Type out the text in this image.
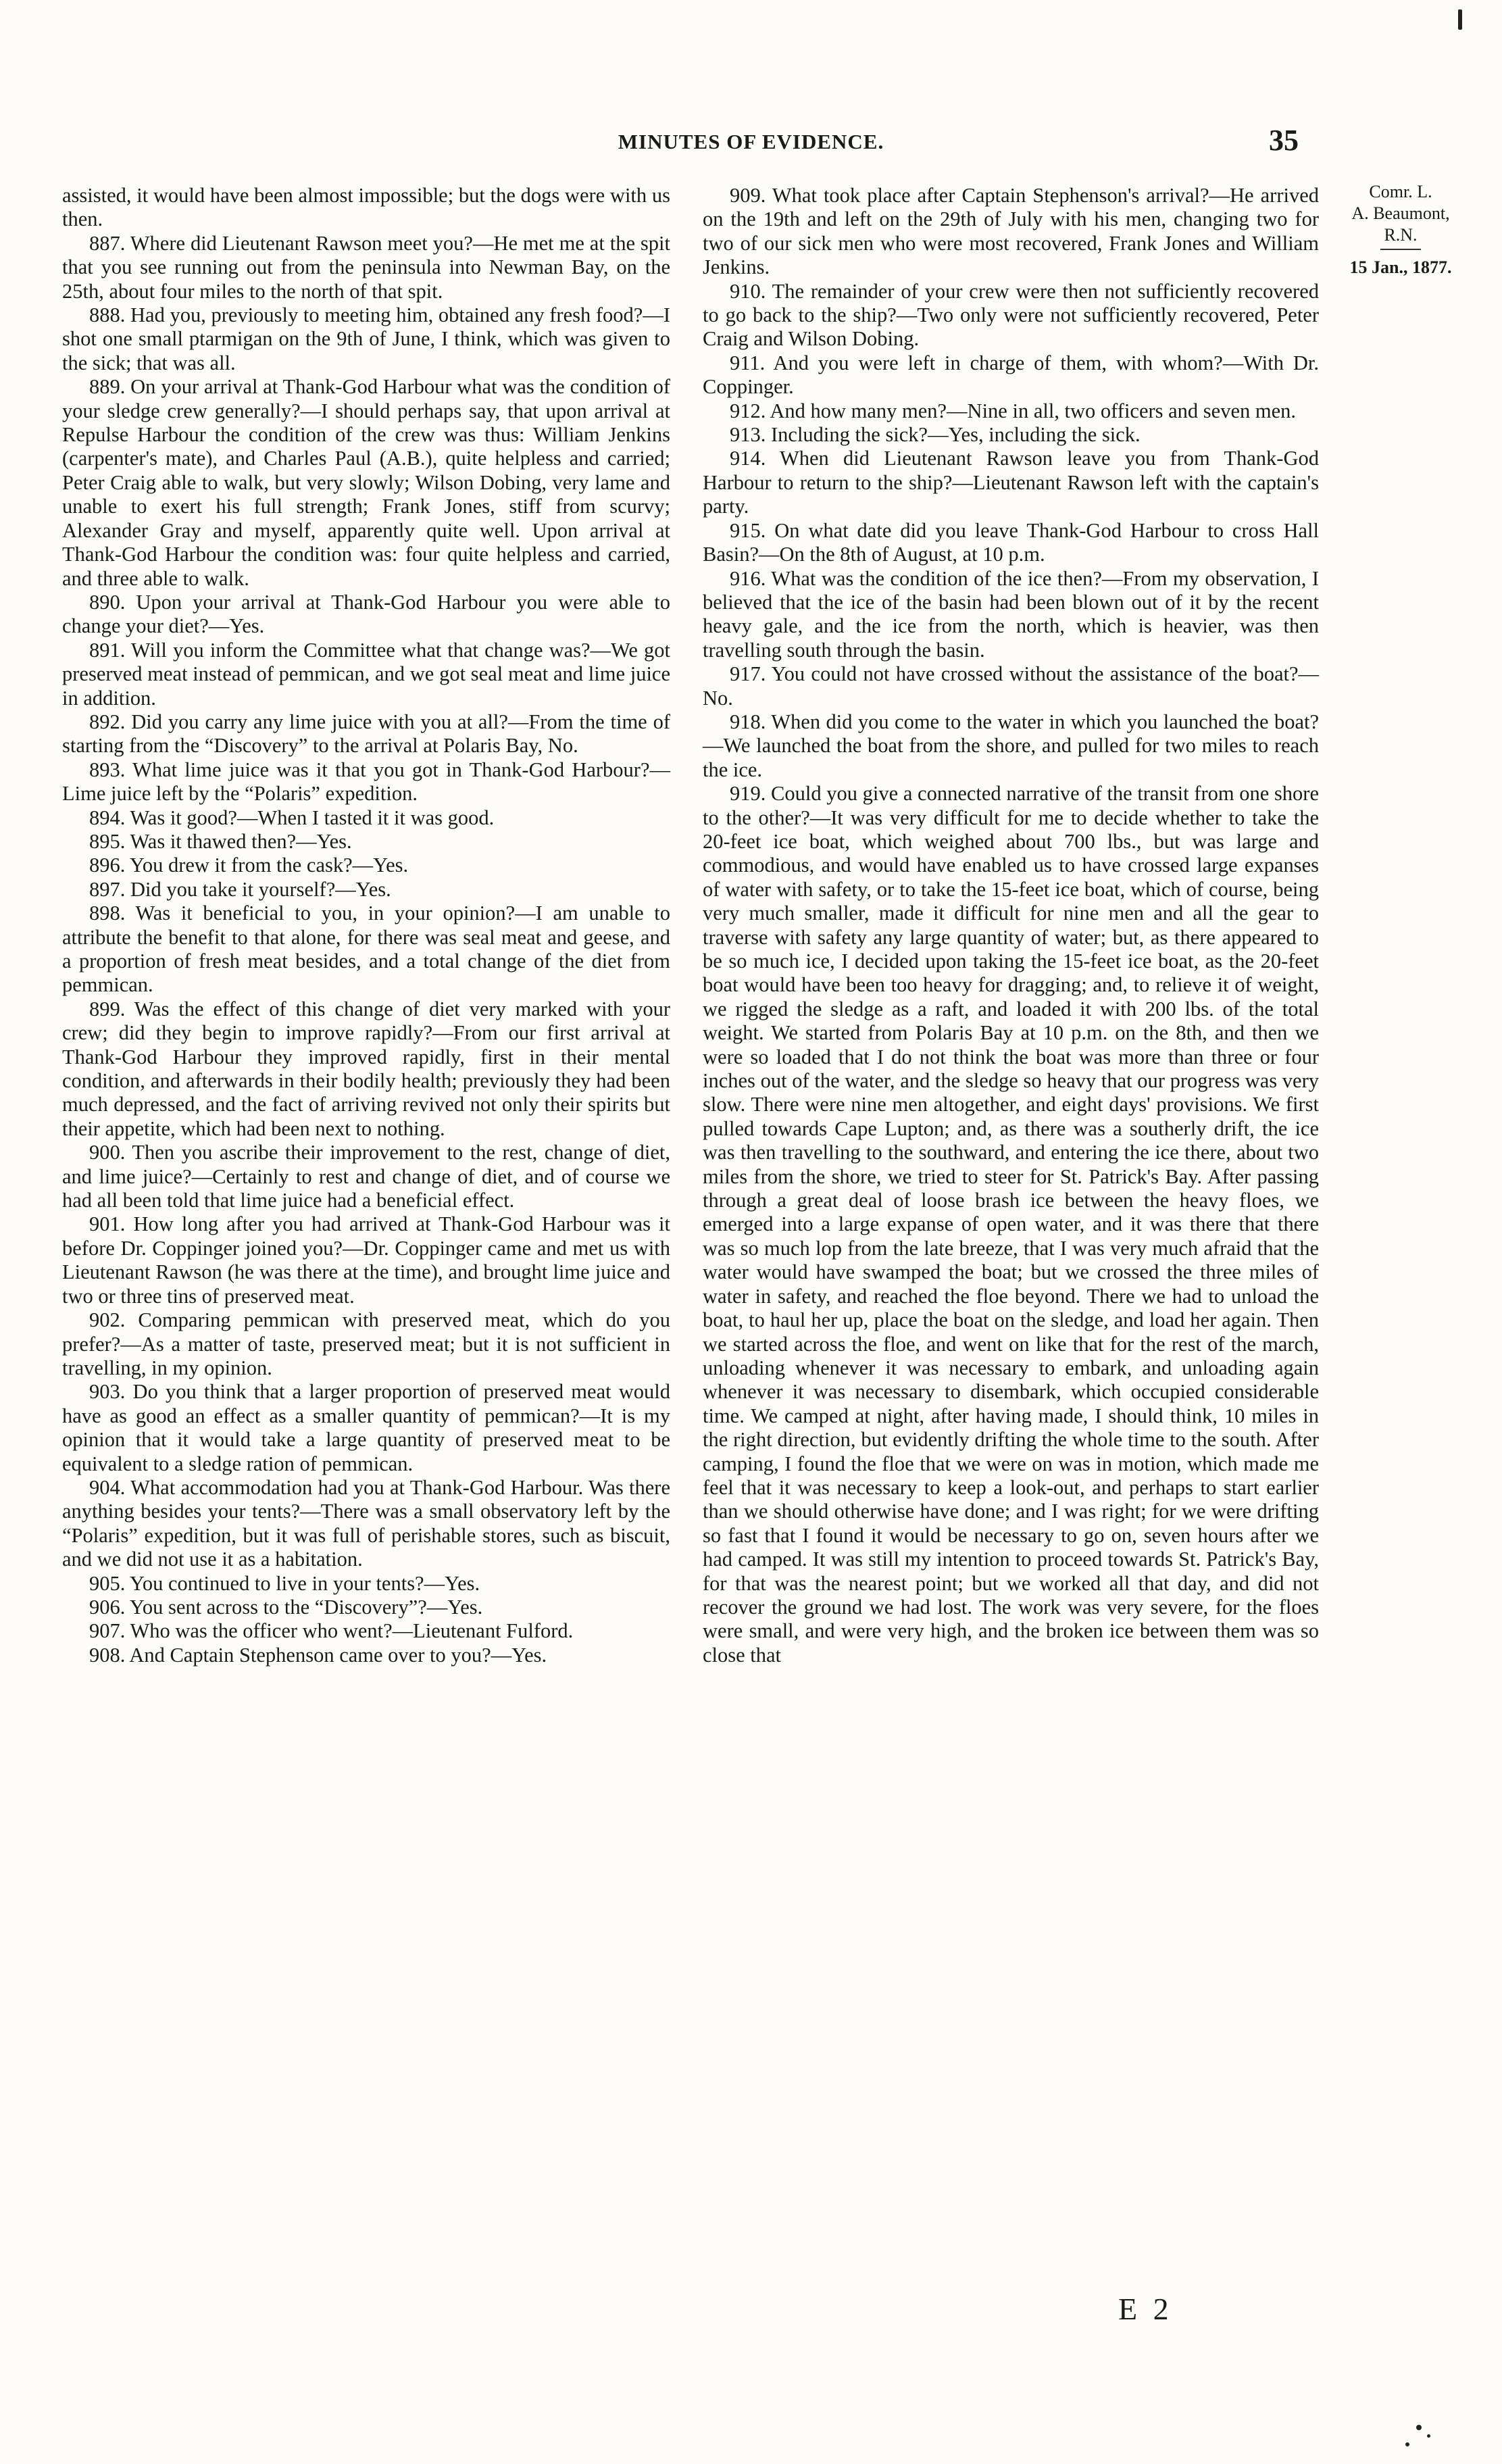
MINUTES OF EVIDENCE.	35

assisted, it would have been almost impossible; but the dogs were with us then.

887. Where did Lieutenant Rawson meet you?—He met me at the spit that you see running out from the peninsula into Newman Bay, on the 25th, about four miles to the north of that spit.

888. Had you, previously to meeting him, obtained any fresh food?—I shot one small ptarmigan on the 9th of June, I think, which was given to the sick; that was all.

889. On your arrival at Thank-God Harbour what was the condition of your sledge crew generally?—I should perhaps say, that upon arrival at Repulse Harbour the condition of the crew was thus: William Jenkins (carpenter's mate), and Charles Paul (A.B.), quite helpless and carried; Peter Craig able to walk, but very slowly; Wilson Dobing, very lame and unable to exert his full strength; Frank Jones, stiff from scurvy; Alexander Gray and myself, apparently quite well. Upon arrival at Thank-God Harbour the condition was: four quite helpless and carried, and three able to walk.

890. Upon your arrival at Thank-God Harbour you were able to change your diet?—Yes.

891. Will you inform the Committee what that change was?—We got preserved meat instead of pemmican, and we got seal meat and lime juice in addition.

892. Did you carry any lime juice with you at all?—From the time of starting from the “Discovery” to the arrival at Polaris Bay, No.

893. What lime juice was it that you got in Thank-God Harbour?—Lime juice left by the “Polaris” expedition.

894. Was it good?—When I tasted it it was good.

895. Was it thawed then?—Yes.

896. You drew it from the cask?—Yes.

897. Did you take it yourself?—Yes.

898. Was it beneficial to you, in your opinion?—I am unable to attribute the benefit to that alone, for there was seal meat and geese, and a proportion of fresh meat besides, and a total change of the diet from pemmican.

899. Was the effect of this change of diet very marked with your crew; did they begin to improve rapidly?—From our first arrival at Thank-God Harbour they improved rapidly, first in their mental condition, and afterwards in their bodily health; previously they had been much depressed, and the fact of arriving revived not only their spirits but their appetite, which had been next to nothing.

900. Then you ascribe their improvement to the rest, change of diet, and lime juice?—Certainly to rest and change of diet, and of course we had all been told that lime juice had a beneficial effect.

901. How long after you had arrived at Thank-God Harbour was it before Dr. Coppinger joined you?—Dr. Coppinger came and met us with Lieutenant Rawson (he was there at the time), and brought lime juice and two or three tins of preserved meat.

902. Comparing pemmican with preserved meat, which do you prefer?—As a matter of taste, preserved meat; but it is not sufficient in travelling, in my opinion.

903. Do you think that a larger proportion of preserved meat would have as good an effect as a smaller quantity of pemmican?—It is my opinion that it would take a large quantity of preserved meat to be equivalent to a sledge ration of pemmican.

904. What accommodation had you at Thank-God Harbour. Was there anything besides your tents?—There was a small observatory left by the “Polaris” expedition, but it was full of perishable stores, such as biscuit, and we did not use it as a habitation.

905. You continued to live in your tents?—Yes.

906. You sent across to the “Discovery”?—Yes.

907. Who was the officer who went?—Lieutenant Fulford.

908. And Captain Stephenson came over to you?—Yes.

909. What took place after Captain Stephenson's arrival?—He arrived on the 19th and left on the 29th of July with his men, changing two for two of our sick men who were most recovered, Frank Jones and William Jenkins.

910. The remainder of your crew were then not sufficiently recovered to go back to the ship?—Two only were not sufficiently recovered, Peter Craig and Wilson Dobing.

911. And you were left in charge of them, with whom?—With Dr. Coppinger.

912. And how many men?—Nine in all, two officers and seven men.

913. Including the sick?—Yes, including the sick.

914. When did Lieutenant Rawson leave you from Thank-God Harbour to return to the ship?—Lieutenant Rawson left with the captain's party.

915. On what date did you leave Thank-God Harbour to cross Hall Basin?—On the 8th of August, at 10 p.m.

916. What was the condition of the ice then?—From my observation, I believed that the ice of the basin had been blown out of it by the recent heavy gale, and the ice from the north, which is heavier, was then travelling south through the basin.

917. You could not have crossed without the assistance of the boat?—No.

918. When did you come to the water in which you launched the boat?—We launched the boat from the shore, and pulled for two miles to reach the ice.

919. Could you give a connected narrative of the transit from one shore to the other?—It was very difficult for me to decide whether to take the 20-feet ice boat, which weighed about 700 lbs., but was large and commodious, and would have enabled us to have crossed large expanses of water with safety, or to take the 15-feet ice boat, which of course, being very much smaller, made it difficult for nine men and all the gear to traverse with safety any large quantity of water; but, as there appeared to be so much ice, I decided upon taking the 15-feet ice boat, as the 20-feet boat would have been too heavy for dragging; and, to relieve it of weight, we rigged the sledge as a raft, and loaded it with 200 lbs. of the total weight. We started from Polaris Bay at 10 p.m. on the 8th, and then we were so loaded that I do not think the boat was more than three or four inches out of the water, and the sledge so heavy that our progress was very slow. There were nine men altogether, and eight days' provisions. We first pulled towards Cape Lupton; and, as there was a southerly drift, the ice was then travelling to the southward, and entering the ice there, about two miles from the shore, we tried to steer for St. Patrick's Bay. After passing through a great deal of loose brash ice between the heavy floes, we emerged into a large expanse of open water, and it was there that there was so much lop from the late breeze, that I was very much afraid that the water would have swamped the boat; but we crossed the three miles of water in safety, and reached the floe beyond. There we had to unload the boat, to haul her up, place the boat on the sledge, and load her again. Then we started across the floe, and went on like that for the rest of the march, unloading whenever it was necessary to embark, and unloading again whenever it was necessary to disembark, which occupied considerable time. We camped at night, after having made, I should think, 10 miles in the right direction, but evidently drifting the whole time to the south. After camping, I found the floe that we were on was in motion, which made me feel that it was necessary to keep a look-out, and perhaps to start earlier than we should otherwise have done; and I was right; for we were drifting so fast that I found it would be necessary to go on, seven hours after we had camped. It was still my intention to proceed towards St. Patrick's Bay, for that was the nearest point; but we worked all that day, and did not recover the ground we had lost. The work was very severe, for the floes were small, and were very high, and the broken ice between them was so close that

Comr. L.
A. Beaumont,
R.N.
15 Jan., 1877.
E 2
